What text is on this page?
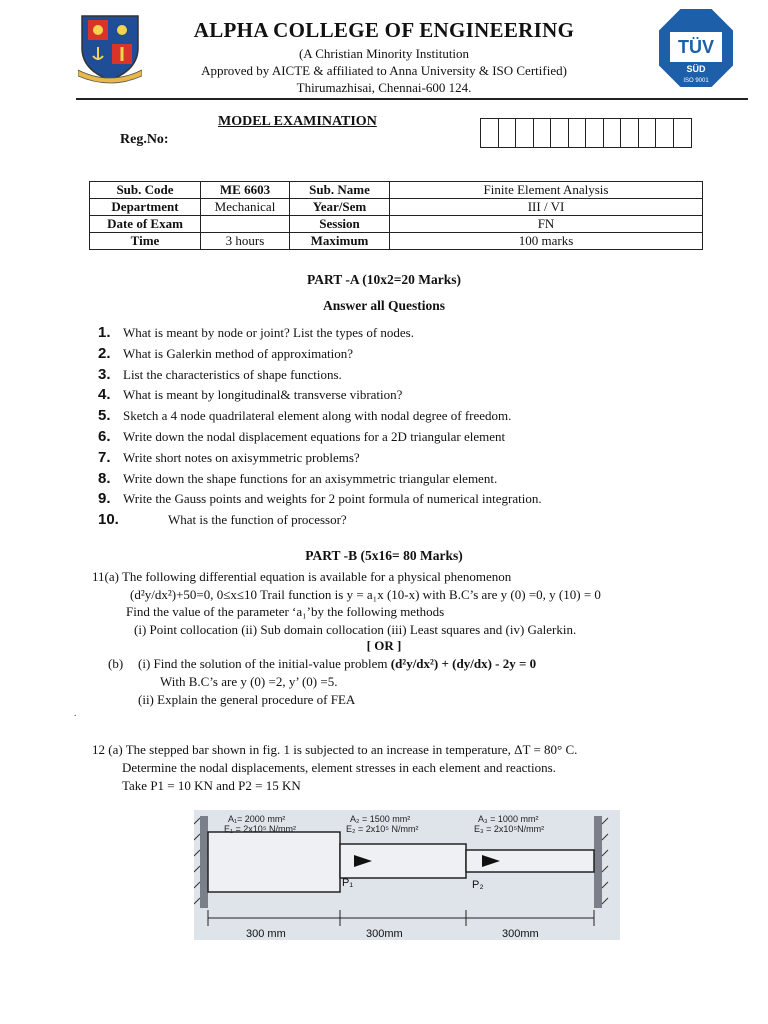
ALPHA COLLEGE OF ENGINEERING
(A Christian Minority Institution
Approved by AICTE & affiliated to Anna University & ISO Certified)
Thirumazhisai, Chennai-600 124.
TÜV
SÜD
ISO 9001
MODEL EXAMINATION
Reg.No:
Sub. Code	ME 6603	Sub. Name	Finite Element Analysis
Department	Mechanical	Year/Sem	III / VI
Date of Exam		Session	FN
Time	3 hours	Maximum	100 marks
PART -A (10x2=20 Marks)
Answer all Questions
1. What is meant by node or joint? List the types of nodes.
2. What is Galerkin method of approximation?
3. List the characteristics of shape functions.
4. What is meant by longitudinal& transverse vibration?
5. Sketch a 4 node quadrilateral element along with nodal degree of freedom.
6. Write down the nodal displacement equations for a 2D triangular element
7. Write short notes on axisymmetric problems?
8. Write down the shape functions for an axisymmetric triangular element.
9. Write the Gauss points and weights for 2 point formula of numerical integration.
10.	What is the function of processor?
PART -B (5x16= 80 Marks)
11(a) The following differential equation is available for a physical phenomenon
(d²y/dx²)+50=0, 0≤x≤10 Trail function is y = a₁x (10-x) with B.C’s are y (0) =0, y (10) = 0
Find the value of the parameter ‘a₁’by the following methods
(i) Point collocation (ii) Sub domain collocation (iii) Least squares and (iv) Galerkin.
[ OR ]
(b) (i) Find the solution of the initial-value problem (d²y/dx²) + (dy/dx) - 2y = 0
With B.C’s are y (0) =2, y’ (0) =5.
(ii) Explain the general procedure of FEA
.
12 (a) The stepped bar shown in fig. 1 is subjected to an increase in temperature, ΔT = 80° C.
Determine the nodal displacements, element stresses in each element and reactions.
Take P1 = 10 KN and P2 = 15 KN
A₁= 2000 mm²
E₁ = 2x10⁵ N/mm²
A₂ = 1500 mm²
E₂ = 2x10⁵ N/mm²
A₃ = 1000 mm²
E₃ = 2x10⁵N/mm²
P₁	P₂
300 mm	300mm	300mm
